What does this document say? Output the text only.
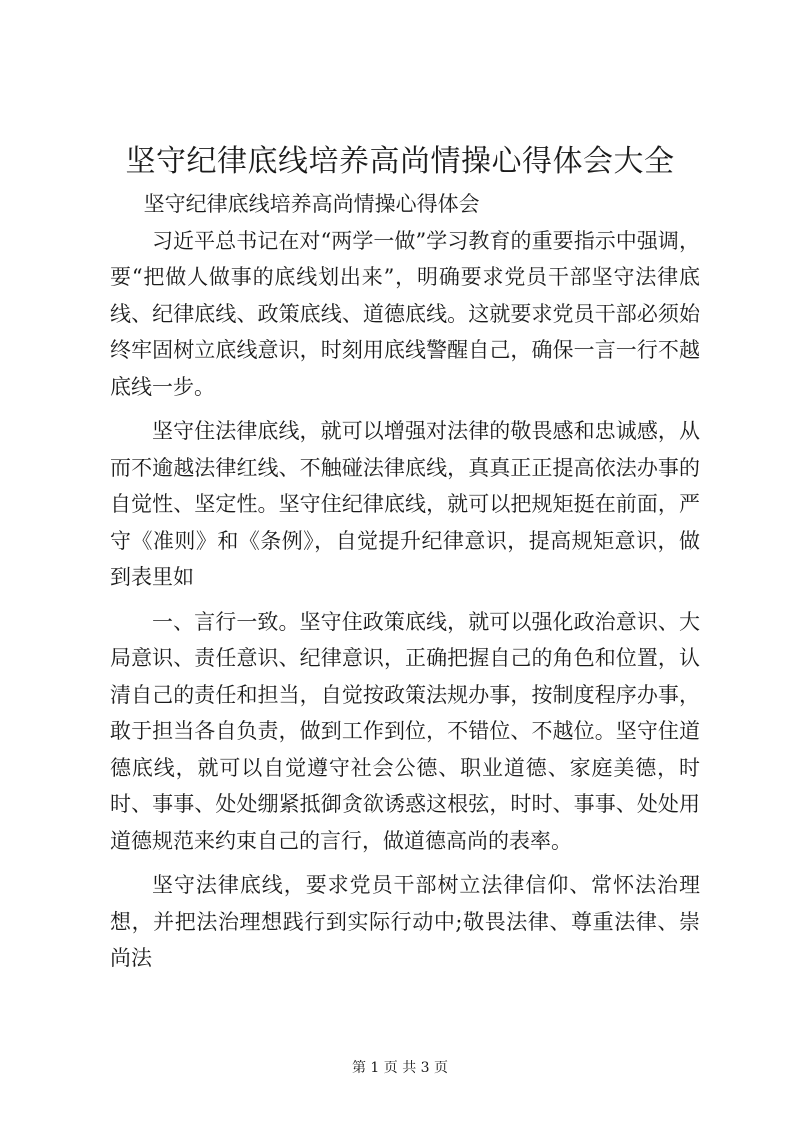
坚守纪律底线培养高尚情操心得体会大全

坚守纪律底线培养高尚情操心得体会

习近平总书记在对“两学一做”学习教育的重要指示中强调，要“把做人做事的底线划出来”，明确要求党员干部坚守法律底线、纪律底线、政策底线、道德底线。这就要求党员干部必须始终牢固树立底线意识，时刻用底线警醒自己，确保一言一行不越底线一步。

坚守住法律底线，就可以增强对法律的敬畏感和忠诚感，从而不逾越法律红线、不触碰法律底线，真真正正提高依法办事的自觉性、坚定性。坚守住纪律底线，就可以把规矩挺在前面，严守《准则》和《条例》，自觉提升纪律意识，提高规矩意识，做到表里如

一、言行一致。坚守住政策底线，就可以强化政治意识、大局意识、责任意识、纪律意识，正确把握自己的角色和位置，认清自己的责任和担当，自觉按政策法规办事，按制度程序办事，敢于担当各自负责，做到工作到位，不错位、不越位。坚守住道德底线，就可以自觉遵守社会公德、职业道德、家庭美德，时时、事事、处处绷紧抵御贪欲诱惑这根弦，时时、事事、处处用道德规范来约束自己的言行，做道德高尚的表率。

坚守法律底线，要求党员干部树立法律信仰、常怀法治理想，并把法治理想践行到实际行动中;敬畏法律、尊重法律、崇尚法

第 1 页 共 3 页
